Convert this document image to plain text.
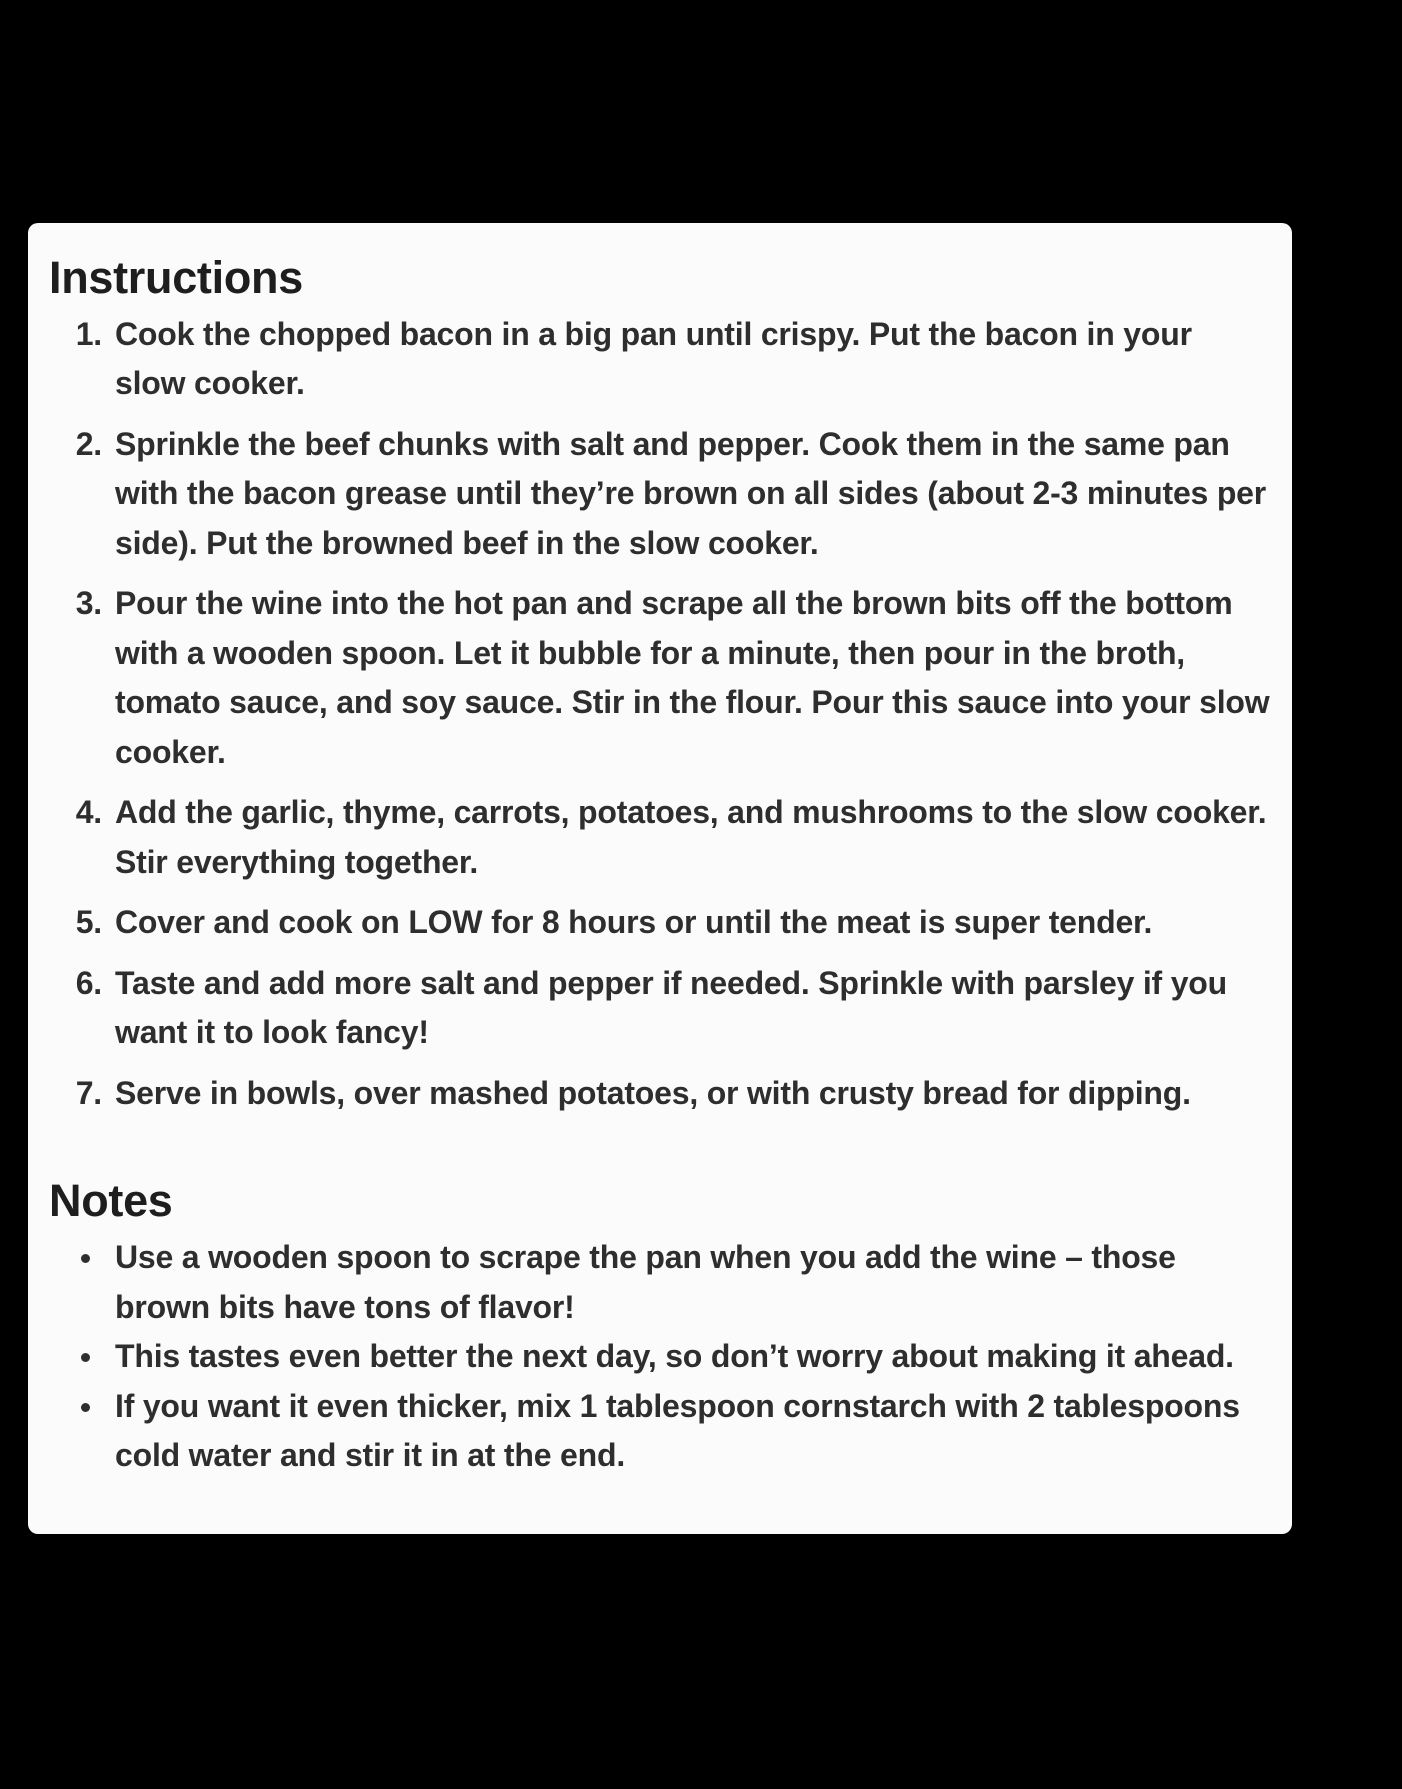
Instructions
1. Cook the chopped bacon in a big pan until crispy. Put the bacon in your slow cooker.
2. Sprinkle the beef chunks with salt and pepper. Cook them in the same pan with the bacon grease until they’re brown on all sides (about 2-3 minutes per side). Put the browned beef in the slow cooker.
3. Pour the wine into the hot pan and scrape all the brown bits off the bottom with a wooden spoon. Let it bubble for a minute, then pour in the broth, tomato sauce, and soy sauce. Stir in the flour. Pour this sauce into your slow cooker.
4. Add the garlic, thyme, carrots, potatoes, and mushrooms to the slow cooker. Stir everything together.
5. Cover and cook on LOW for 8 hours or until the meat is super tender.
6. Taste and add more salt and pepper if needed. Sprinkle with parsley if you want it to look fancy!
7. Serve in bowls, over mashed potatoes, or with crusty bread for dipping.
Notes
Use a wooden spoon to scrape the pan when you add the wine – those brown bits have tons of flavor!
This tastes even better the next day, so don’t worry about making it ahead.
If you want it even thicker, mix 1 tablespoon cornstarch with 2 tablespoons cold water and stir it in at the end.
